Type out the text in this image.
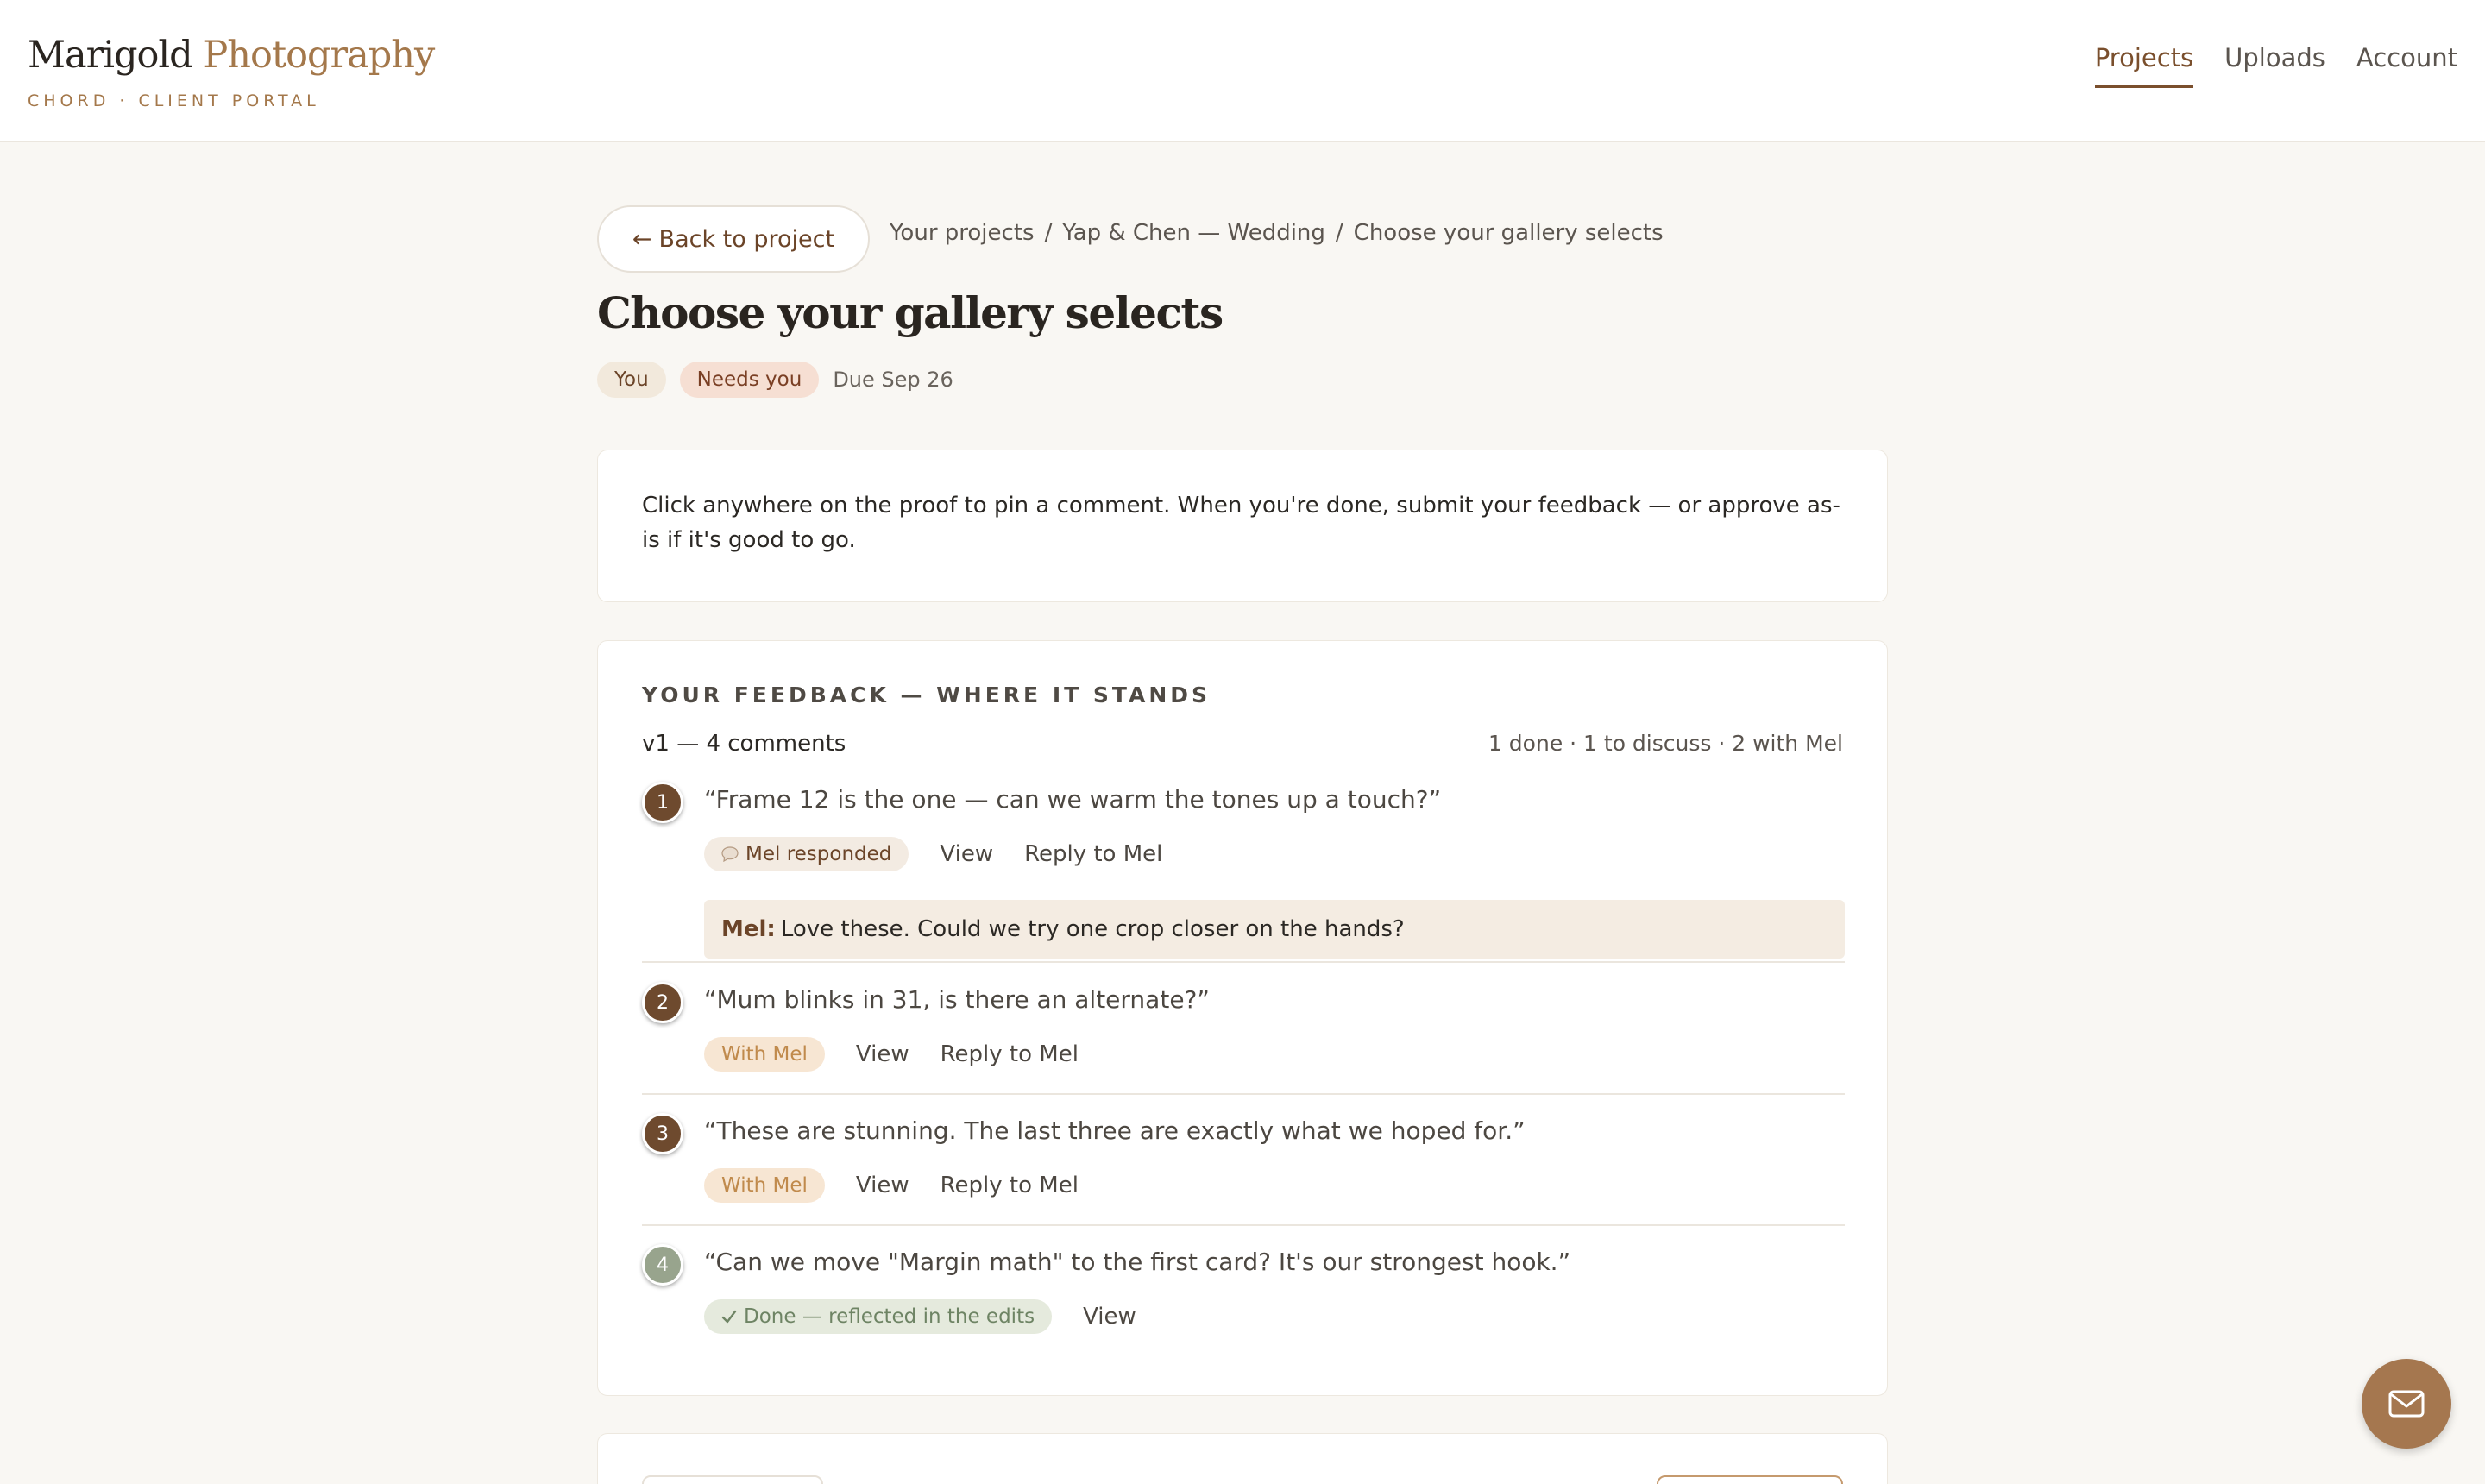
Marigold Photography
CHORD · CLIENT PORTAL
Projects Uploads Account
← Back to project Your projects / Yap & Chen — Wedding / Choose your gallery selects
Choose your gallery selects
You	Needs you	Due Sep 26

Click anywhere on the proof to pin a comment. When you're done, submit your feedback — or approve as-is if it's good to go.

YOUR FEEDBACK — WHERE IT STANDS
v1 — 4 comments	1 done · 1 to discuss · 2 with Mel
1	“Frame 12 is the one — can we warm the tones up a touch?”
Mel responded View Reply to Mel
Mel: Love these. Could we try one crop closer on the hands?
2	“Mum blinks in 31, is there an alternate?”
With Mel	View Reply to Mel
3	“These are stunning. The last three are exactly what we hoped for.”
With Mel	View Reply to Mel
4	“Can we move "Margin math" to the first card? It's our strongest hook.”
Done — reflected in the edits View
